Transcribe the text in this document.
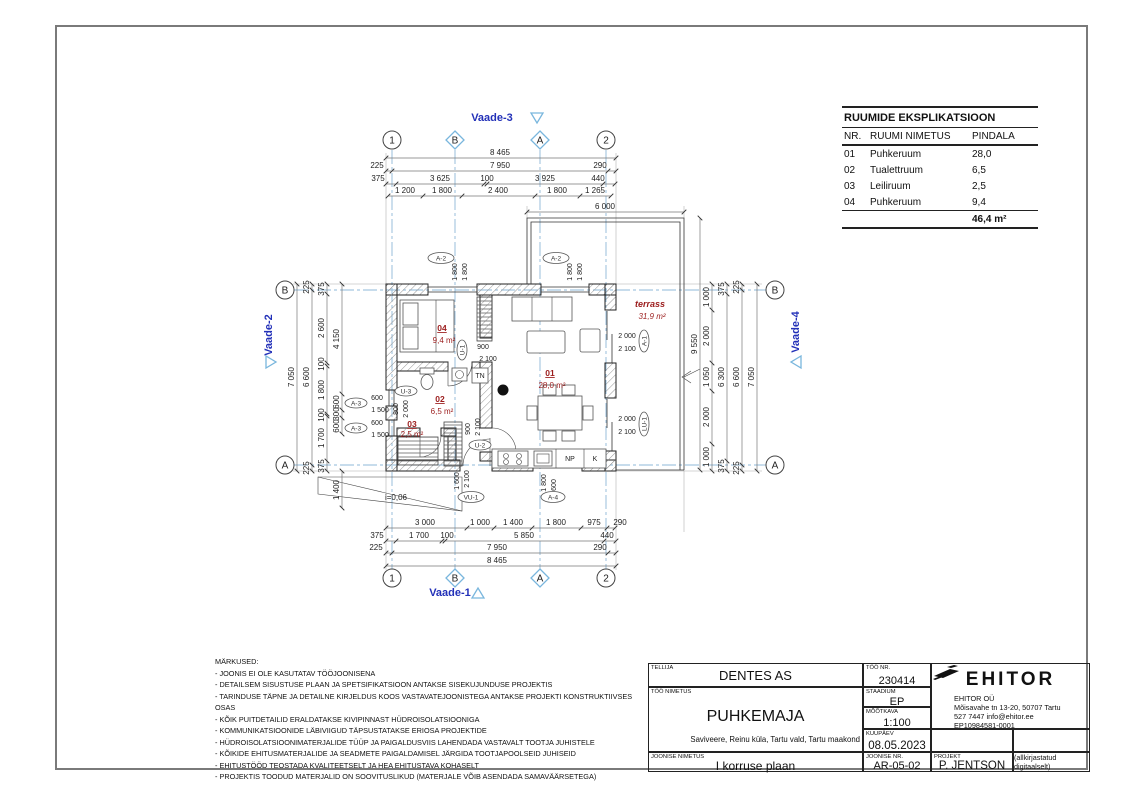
i=0,06
NP	K
TN	01
28,0 m²
02
6,5 m²
03
2,5 m²
04
9,4 m²
terrass
31,9 m²
8 465
225	7 950	290
375	3 625	100	3 925	440
1 200 1 800	2 400	1 800 1 265
6 000
3 000	1 000 1 400	1 800	975 290
375	1 700 100	5 850	440
225	7 950	290
8 465
7 050
225
6 600
225
375
2 600
100
1 800
100
1 700
375
4 150
600
300
600
1 400
1 000
2 000
1 050
2 000
1 000
375
6 300
375
225
6 600
225
7 050
9 550
A-2
1 800 1 800
A-2
1 800 1 800
A-3
600
1 500
A-3
600
1 500
U-1 900
2 100
U-2
900 2 100
U-3
800 2 000
VU-1
1 600 2 100
A-4
1 800 600
A-1
2 000
2 100
LU-1
2 000
2 100
1	B	A	2
1	B	A	2
B
A
B
A
Vaade-3
Vaade-1
Vaade-2	Vaade-4
RUUMIDE EKSPLIKATSIOON
NR. RUUMI NIMETUS	PINDALA
01	Puhkeruum	28,0
02	Tualettruum	6,5
03	Leiliruum	2,5
04	Puhkeruum	9,4
46,4 m²
MÄRKUSED:
- JOONIS EI OLE KASUTATAV TÖÖJOONISENA
- DETAILSEM SISUSTUSE PLAAN JA SPETSIFIKATSIOON ANTAKSE SISEKUJUNDUSE PROJEKTIS
- TARINDUSE TÄPNE JA DETAILNE KIRJELDUS KOOS VASTAVATEJOONISTEGA ANTAKSE PROJEKTI KONSTRUKTIIVSES OSAS
- KÕIK PUITDETAILID ERALDATAKSE KIVIPINNAST HÜDROISOLATSIOONIGA
- KOMMUNIKATSIOONIDE LÄBIVIIGUD TÄPSUSTATAKSE ERIOSA PROJEKTIDE
- HÜDROISOLATSIOONIMATERJALIDE TÜÜP JA PAIGALDUSVIIS LAHENDADA VASTAVALT TOOTJA JUHISTELE
- KÕIKIDE EHITUSMATERJALIDE JA SEADMETE PAIGALDAMISEL JÄRGIDA TOOTJAPOOLSEID JUHISEID
- EHITUSTÖÖD TEOSTADA KVALITEETSELT JA HEA EHITUSTAVA KOHASELT
- PROJEKTIS TOODUD MATERJALID ON SOOVITUSLIKUD (MATERJALE VÕIB ASENDADA SAMAVÄÄRSETEGA)
TELLIJA	DENTES AS
TÖÖ NIMETUS
PUHKEMAJA
Saviveere, Reinu küla, Tartu vald, Tartu maakond
JOONISE NIMETUS
I korruse plaan
TÖÖ NR.
230414
STAADIUM
EP
MÕÕTKAVA
1:100
KUUPÄEV
08.05.2023
JOONISE NR.
AR-05-02
EHITOR
EHITOR OÜ
Mõisavahe tn 13-20, 50707 Tartu
527 7447 info@ehitor.ee
EP10984581-0001
PROJEKT
P. JENTSON
(allkirjastatud digitaalselt)
